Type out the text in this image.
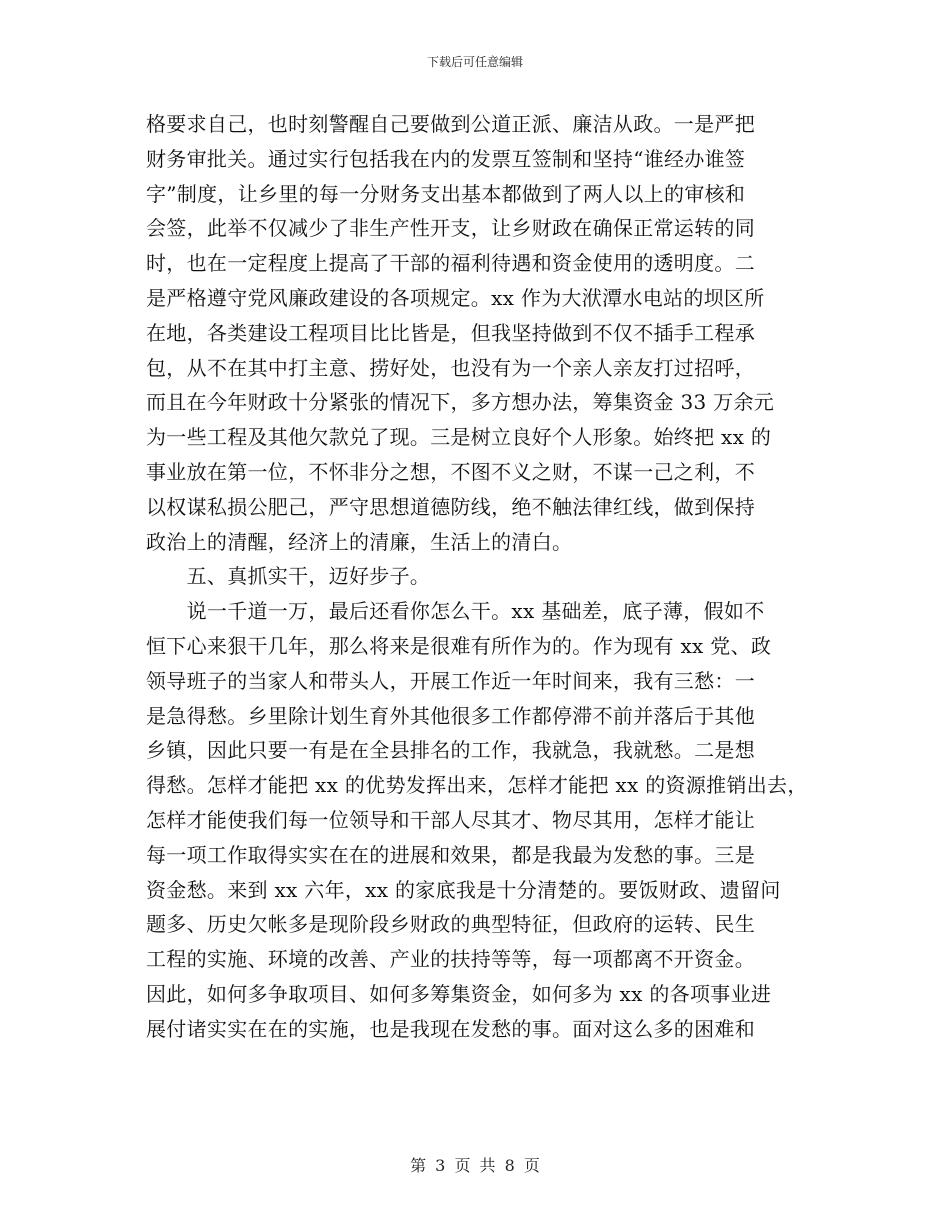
下载后可任意编辑
格要求自己，也时刻警醒自己要做到公道正派、廉洁从政。一是严把
财务审批关。通过实行包括我在内的发票互签制和坚持“谁经办谁签
字”制度，让乡里的每一分财务支出基本都做到了两人以上的审核和
会签，此举不仅减少了非生产性开支，让乡财政在确保正常运转的同
时，也在一定程度上提高了干部的福利待遇和资金使用的透明度。二
是严格遵守党风廉政建设的各项规定。xx 作为大洑潭水电站的坝区所
在地，各类建设工程项目比比皆是，但我坚持做到不仅不插手工程承
包，从不在其中打主意、捞好处，也没有为一个亲人亲友打过招呼，
而且在今年财政十分紧张的情况下，多方想办法，筹集资金 33 万余元
为一些工程及其他欠款兑了现。三是树立良好个人形象。始终把 xx 的
事业放在第一位，不怀非分之想，不图不义之财，不谋一己之利，不
以权谋私损公肥己，严守思想道德防线，绝不触法律红线，做到保持
政治上的清醒，经济上的清廉，生活上的清白。
　　五、真抓实干，迈好步子。
　　说一千道一万，最后还看你怎么干。xx 基础差，底子薄，假如不
恒下心来狠干几年，那么将来是很难有所作为的。作为现有 xx 党、政
领导班子的当家人和带头人，开展工作近一年时间来，我有三愁：一
是急得愁。乡里除计划生育外其他很多工作都停滞不前并落后于其他
乡镇，因此只要一有是在全县排名的工作，我就急，我就愁。二是想
得愁。怎样才能把 xx 的优势发挥出来，怎样才能把 xx 的资源推销出去，
怎样才能使我们每一位领导和干部人尽其才、物尽其用，怎样才能让
每一项工作取得实实在在的进展和效果，都是我最为发愁的事。三是
资金愁。来到 xx 六年，xx 的家底我是十分清楚的。要饭财政、遗留问
题多、历史欠帐多是现阶段乡财政的典型特征，但政府的运转、民生
工程的实施、环境的改善、产业的扶持等等，每一项都离不开资金。
因此，如何多争取项目、如何多筹集资金，如何多为 xx 的各项事业进
展付诸实实在在的实施，也是我现在发愁的事。面对这么多的困难和
第 3 页 共 8 页
